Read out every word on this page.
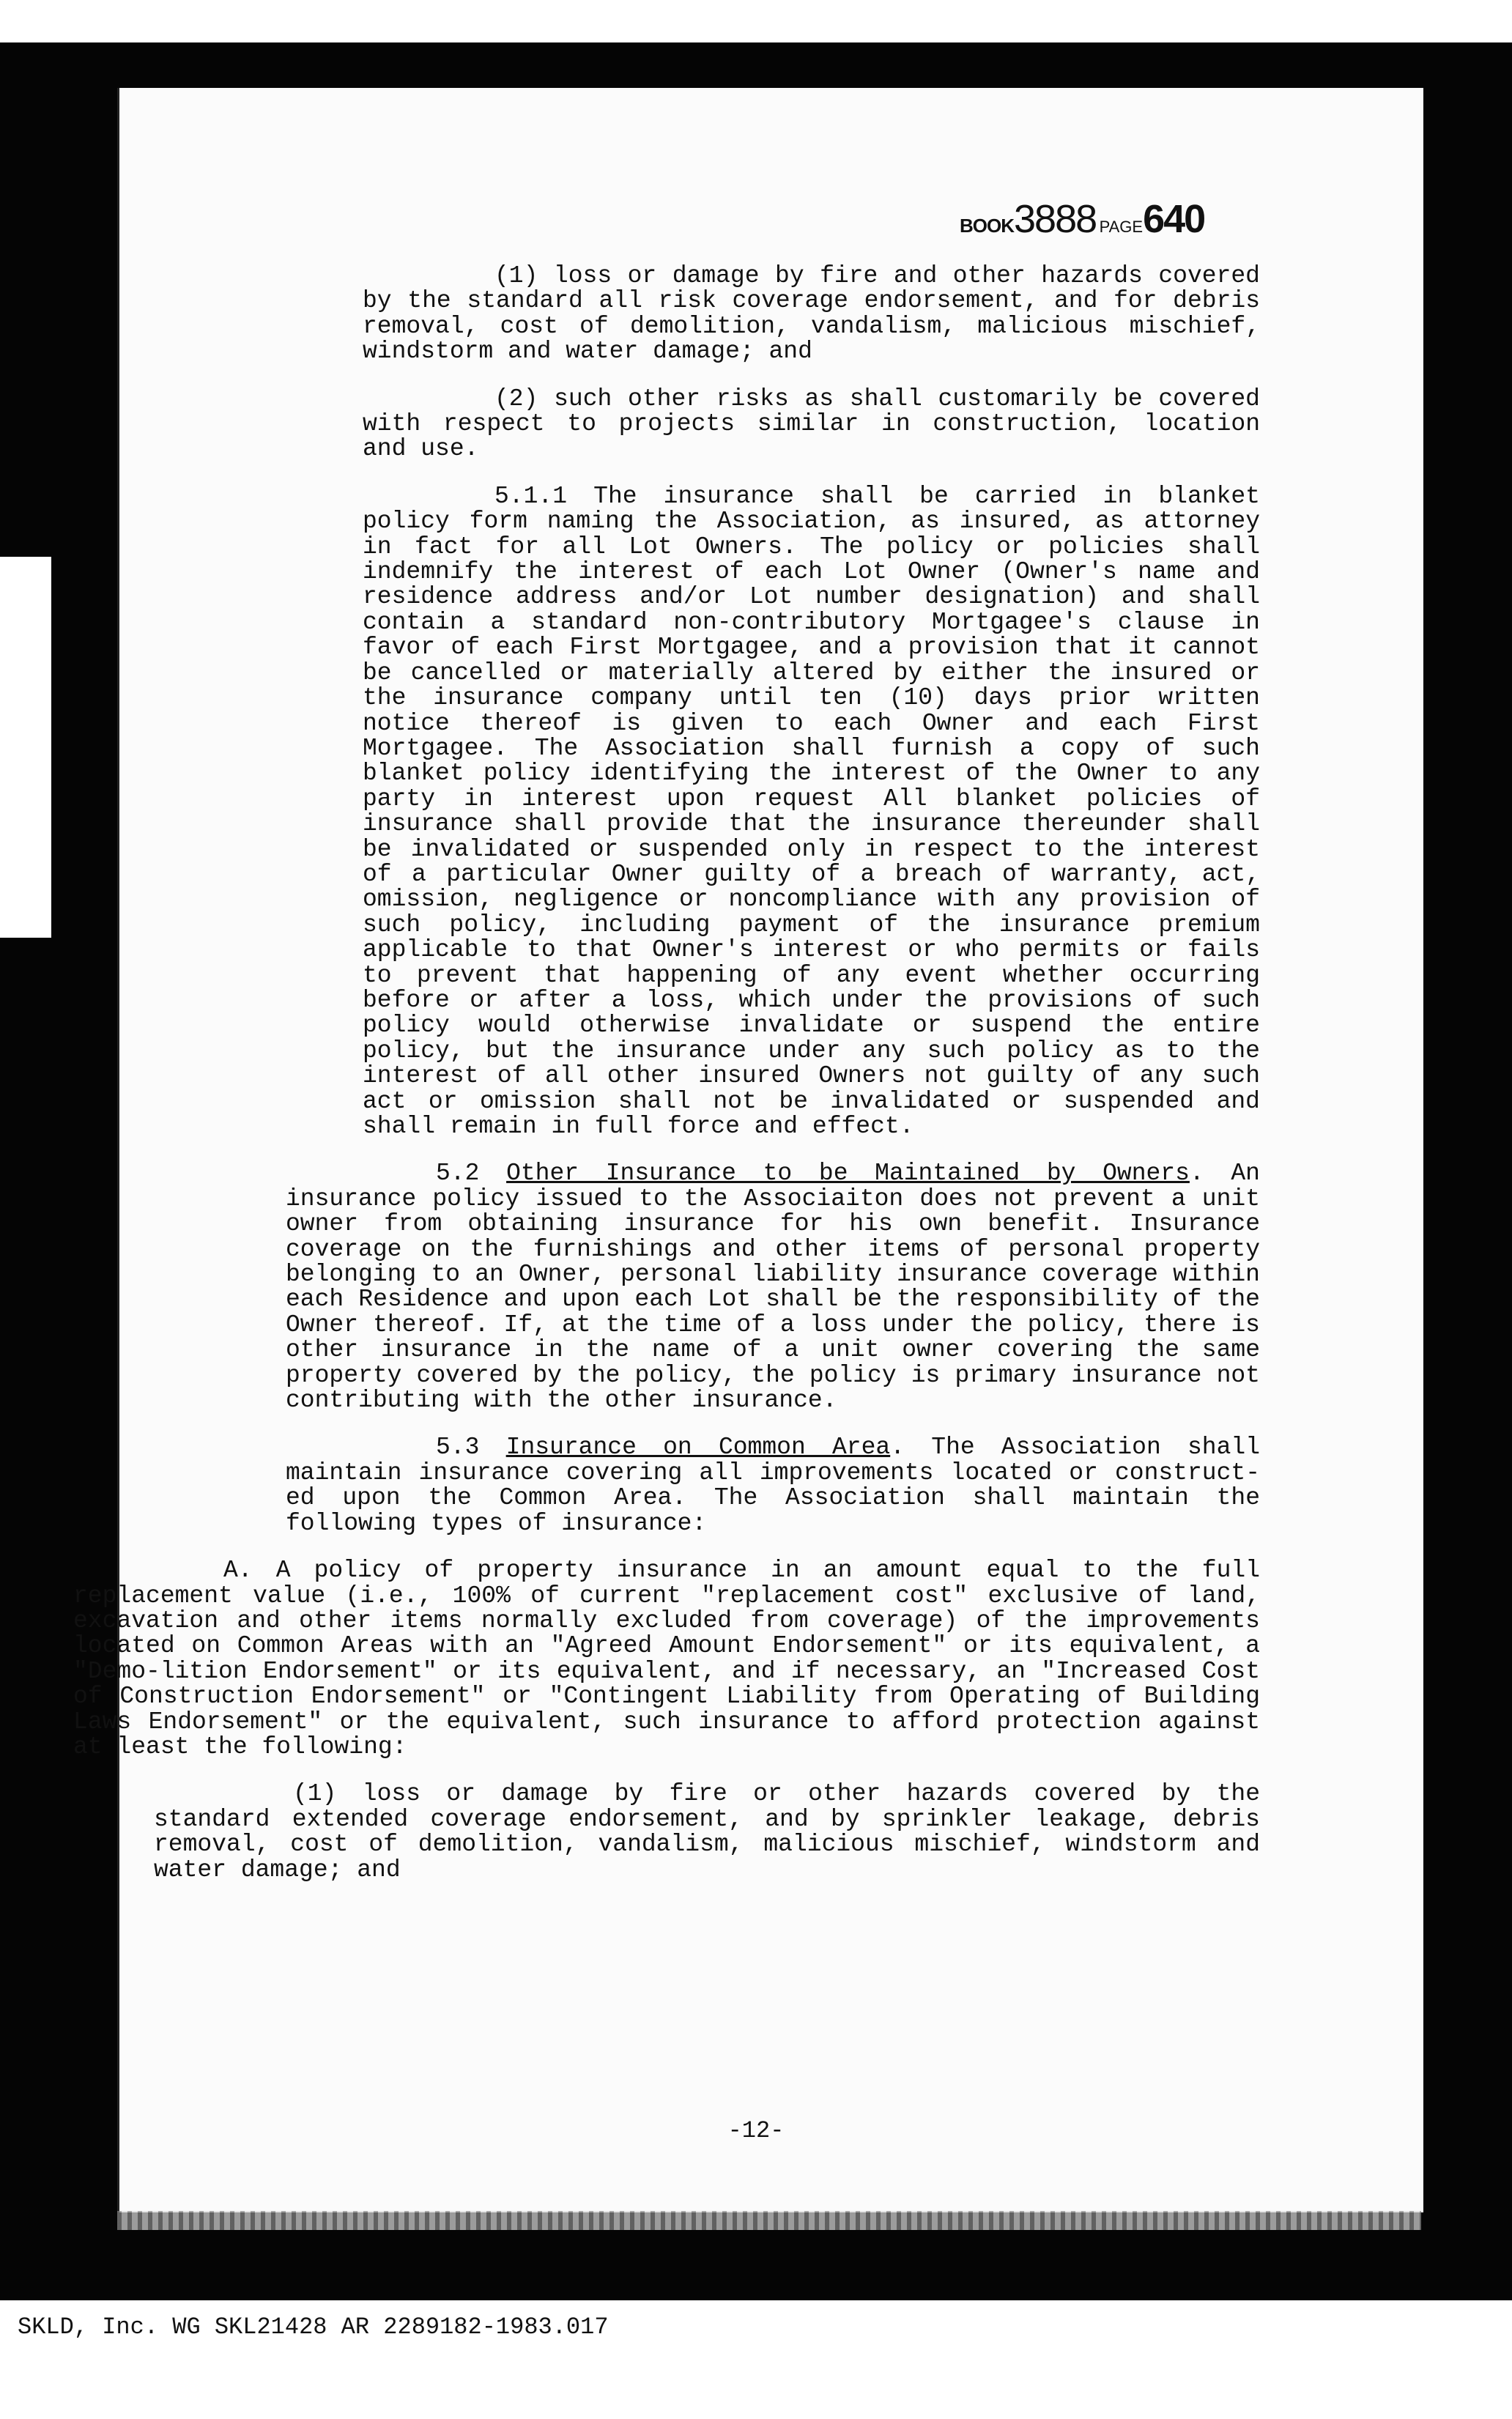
BOOK3888 PAGE640

(1) loss or damage by fire and other hazards covered by the standard all risk coverage endorsement, and for debris removal, cost of demolition, vandalism, malicious mischief, windstorm and water damage; and

(2) such other risks as shall customarily be covered with respect to projects similar in construction, location and use.

5.1.1 The insurance shall be carried in blanket policy form naming the Association, as insured, as attorney in fact for all Lot Owners. The policy or policies shall indemnify the interest of each Lot Owner (Owner's name and residence address and/or Lot number designation) and shall contain a standard non-contributory Mortgagee's clause in favor of each First Mortgagee, and a provision that it cannot be cancelled or materially altered by either the insured or the insurance company until ten (10) days prior written notice thereof is given to each Owner and each First Mortgagee. The Association shall furnish a copy of such blanket policy identifying the interest of the Owner to any party in interest upon request All blanket policies of insurance shall provide that the insurance thereunder shall be invalidated or suspended only in respect to the interest of a particular Owner guilty of a breach of warranty, act, omission, negligence or noncompliance with any provision of such policy, including payment of the insurance premium applicable to that Owner's interest or who permits or fails to prevent that happening of any event whether occurring before or after a loss, which under the provisions of such policy would otherwise invalidate or suspend the entire policy, but the insurance under any such policy as to the interest of all other insured Owners not guilty of any such act or omission shall not be invalidated or suspended and shall remain in full force and effect.

5.2 Other Insurance to be Maintained by Owners. An insurance policy issued to the Associaiton does not prevent a unit owner from obtaining insurance for his own benefit. Insurance coverage on the furnishings and other items of personal property belonging to an Owner, personal liability insurance coverage within each Residence and upon each Lot shall be the responsibility of the Owner thereof. If, at the time of a loss under the policy, there is other insurance in the name of a unit owner covering the same property covered by the policy, the policy is primary insurance not contributing with the other insurance.

5.3 Insurance on Common Area. The Association shall maintain insurance covering all improvements located or construct-ed upon the Common Area. The Association shall maintain the following types of insurance:

A. A policy of property insurance in an amount equal to the full replacement value (i.e., 100% of current "replacement cost" exclusive of land, excavation and other items normally excluded from coverage) of the improvements located on Common Areas with an "Agreed Amount Endorsement" or its equivalent, a "Demo-lition Endorsement" or its equivalent, and if necessary, an "Increased Cost of Construction Endorsement" or "Contingent Liability from Operating of Building Laws Endorsement" or the equivalent, such insurance to afford protection against at least the following:

(1) loss or damage by fire or other hazards covered by the standard extended coverage endorsement, and by sprinkler leakage, debris removal, cost of demolition, vandalism, malicious mischief, windstorm and water damage; and

-12-
SKLD, Inc. WG SKL21428 AR 2289182-1983.017
